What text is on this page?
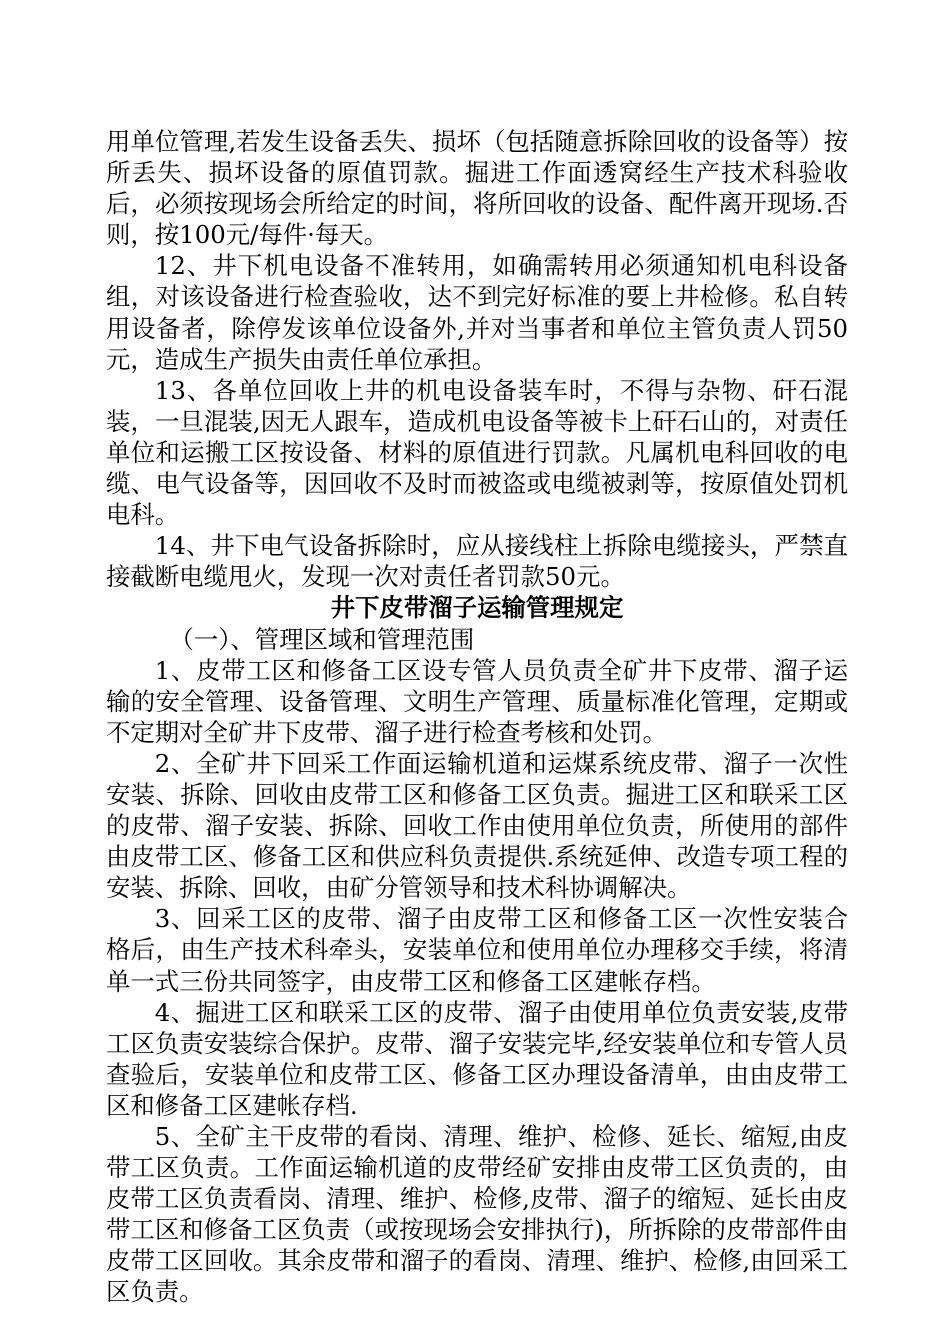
用单位管理,若发生设备丢失、损坏（包括随意拆除回收的设备等）按所丢失、损坏设备的原值罚款。掘进工作面透窝经生产技术科验收后，必须按现场会所给定的时间，将所回收的设备、配件离开现场.否则，按100元/每件·每天。

12、井下机电设备不准转用，如确需转用必须通知机电科设备组，对该设备进行检查验收，达不到完好标准的要上井检修。私自转用设备者，除停发该单位设备外,并对当事者和单位主管负责人罚50元，造成生产损失由责任单位承担。

13、各单位回收上井的机电设备装车时，不得与杂物、矸石混装，一旦混装,因无人跟车，造成机电设备等被卡上矸石山的，对责任单位和运搬工区按设备、材料的原值进行罚款。凡属机电科回收的电缆、电气设备等，因回收不及时而被盗或电缆被剥等，按原值处罚机电科。

14、井下电气设备拆除时，应从接线柱上拆除电缆接头，严禁直接截断电缆甩火，发现一次对责任者罚款50元。

井下皮带溜子运输管理规定

（一）、管理区域和管理范围

1、皮带工区和修备工区设专管人员负责全矿井下皮带、溜子运输的安全管理、设备管理、文明生产管理、质量标准化管理，定期或不定期对全矿井下皮带、溜子进行检查考核和处罚。

2、全矿井下回采工作面运输机道和运煤系统皮带、溜子一次性安装、拆除、回收由皮带工区和修备工区负责。掘进工区和联采工区的皮带、溜子安装、拆除、回收工作由使用单位负责，所使用的部件由皮带工区、修备工区和供应科负责提供.系统延伸、改造专项工程的安装、拆除、回收，由矿分管领导和技术科协调解决。

3、回采工区的皮带、溜子由皮带工区和修备工区一次性安装合格后，由生产技术科牵头，安装单位和使用单位办理移交手续，将清单一式三份共同签字，由皮带工区和修备工区建帐存档。

4、掘进工区和联采工区的皮带、溜子由使用单位负责安装,皮带工区负责安装综合保护。皮带、溜子安装完毕,经安装单位和专管人员查验后，安装单位和皮带工区、修备工区办理设备清单，由由皮带工区和修备工区建帐存档.

5、全矿主干皮带的看岗、清理、维护、检修、延长、缩短,由皮带工区负责。工作面运输机道的皮带经矿安排由皮带工区负责的，由皮带工区负责看岗、清理、维护、检修,皮带、溜子的缩短、延长由皮带工区和修备工区负责（或按现场会安排执行)，所拆除的皮带部件由皮带工区回收。其余皮带和溜子的看岗、清理、维护、检修,由回采工区负责。
